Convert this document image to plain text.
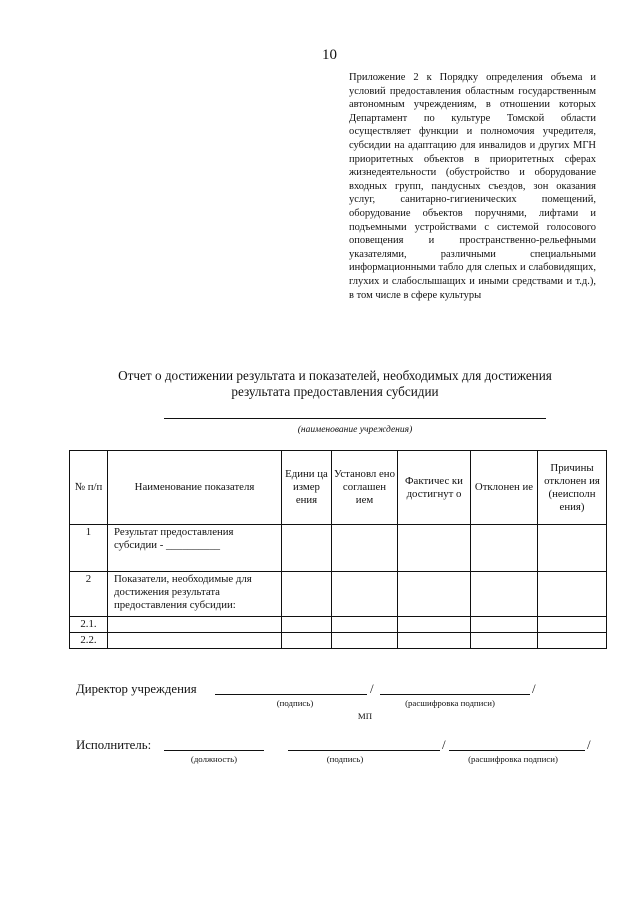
10
Приложение 2 к Порядку определения объема и условий предоставления областным государственным автономным учреждениям, в отношении которых Департамент по культуре Томской области осуществляет функции и полномочия учредителя, субсидии на адаптацию для инвалидов и других МГН приоритетных объектов в приоритетных сферах жизнедеятельности (обустройство и оборудование входных групп, пандусных съездов, зон оказания услуг, санитарно-гигиенических помещений, оборудование объектов поручнями, лифтами и подъемными устройствами с системой голосового оповещения и пространственно-рельефными указателями, различными специальными информационными табло для слепых и слабовидящих, глухих и слабослышащих и иными средствами и т.д.), в том числе в сфере культуры
Отчет о достижении результата и показателей, необходимых для достижения
результата предоставления субсидии
(наименование учреждения)
№ п/п	Наименование показателя	Едини ца измер ения	Установл ено соглашен ием	Фактичес ки достигнут о	Отклонен ие	Причины отклонен ия (неисполн ения)
1	Результат предоставления субсидии - __________					
2	Показатели, необходимые для достижения результата предоставления субсидии:					
2.1.						
2.2.						
Директор учреждения	/	/
(подпись)	(расшифровка подписи)
МП
Исполнитель:	/	/
(должность)	(подпись)	(расшифровка подписи)
